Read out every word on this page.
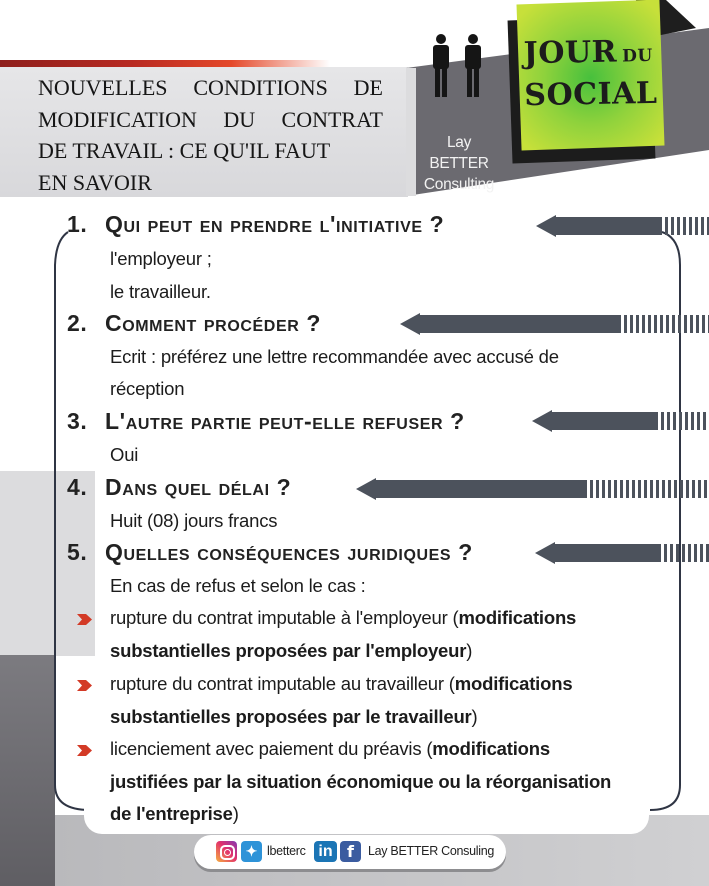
NOUVELLES CONDITIONS DE
MODIFICATION DU CONTRAT
DE TRAVAIL : CE QU'IL FAUT
EN SAVOIR
Lay BETTER
Consulting
JOUR DU
SOCIAL
1. Qui peut en prendre l'initiative ?
l'employeur ;
le travailleur.
2. Comment procéder ?
Ecrit : préférez une lettre recommandée avec accusé de
réception
3. L'autre partie peut-elle refuser ?
Oui
4. Dans quel délai ?
Huit (08) jours francs
5. Quelles conséquences juridiques ?
En cas de refus et selon le cas :
rupture du contrat imputable à l'employeur (modifications
substantielles proposées par l'employeur)
rupture du contrat imputable au travailleur (modifications
substantielles proposées par le travailleur)
licenciement avec paiement du préavis (modifications
justifiées par la situation économique ou la réorganisation
de l'entreprise)
✦ lbetterc in f	Lay BETTER Consuling
